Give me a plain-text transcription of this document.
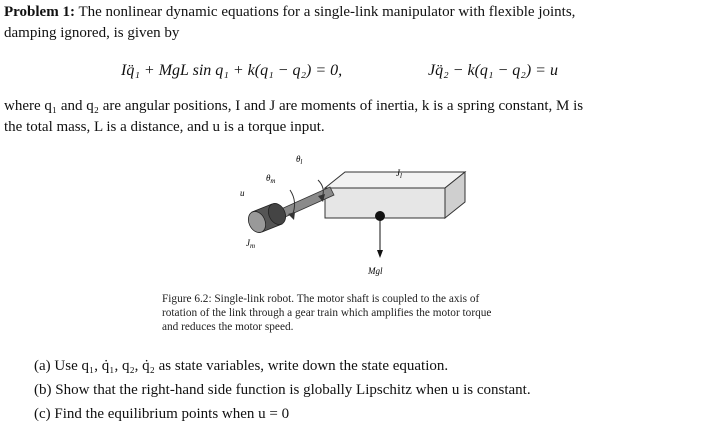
Problem 1: The nonlinear dynamic equations for a single-link manipulator with flexible joints,
damping ignored, is given by
Iq̈₁ + MgL sin q₁ + k(q₁ − q₂) = 0,	Jq̈₂ − k(q₁ − q₂) = u
where q₁ and q₂ are angular positions, I and J are moments of inertia, k is a spring constant, M is
the total mass, L is a distance, and u is a torque input.
$\theta_l$
$\theta_m$
u
$J_l$
$J_m$
Mgl
Figure 6.2: Single-link robot. The motor shaft is coupled to the axis of
rotation of the link through a gear train which amplifies the motor torque
and reduces the motor speed.
(a) Use q₁, q̇₁, q₂, q̇₂ as state variables, write down the state equation.
(b) Show that the right-hand side function is globally Lipschitz when u is constant.
(c) Find the equilibrium points when u = 0
